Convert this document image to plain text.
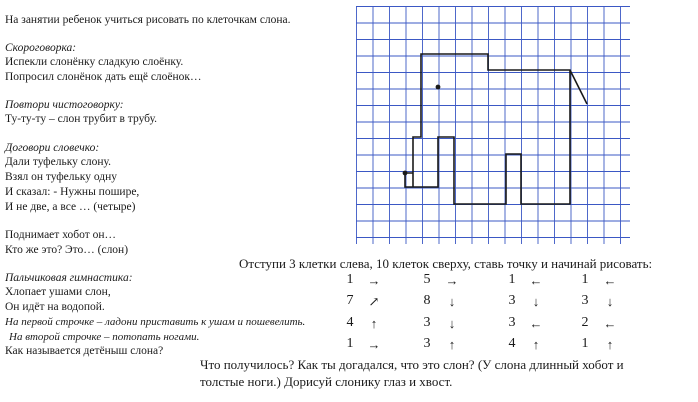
На занятии ребенок учиться рисовать по клеточкам слона.
Скороговорка:
Испекли слонёнку сладкую слоёнку.
Попросил слонёнок дать ещё слоёнок…
Повтори чистоговорку:
Ту-ту-ту – слон трубит в трубу.
Договори словечко:
Дали туфельку слону.
Взял он туфельку одну
И сказал: - Нужны пошире,
И не две, а все … (четыре)
Поднимает хобот он…
Кто же это? Это… (слон)
Пальчиковая гимнастика:
Хлопает ушами слон,
Он идёт на водопой.
На первой строчке – ладони приставить к ушам и пошевелить.
На второй строчке – потопать ногами.
Как называется детёныш слона?
Отступи 3 клетки слева, 10 клеток сверху, ставь точку и начинай рисовать:
1	→	5	→	1	←	1	←
7	↗	8	↓	3	↓	3	↓
4	↑	3	↓	3	←	2	←
1	→	3	↑	4	↑	1	↑
Что получилось? Как ты догадался, что это слон? (У слона длинный хобот и
толстые ноги.) Дорисуй слонику глаз и хвост.
